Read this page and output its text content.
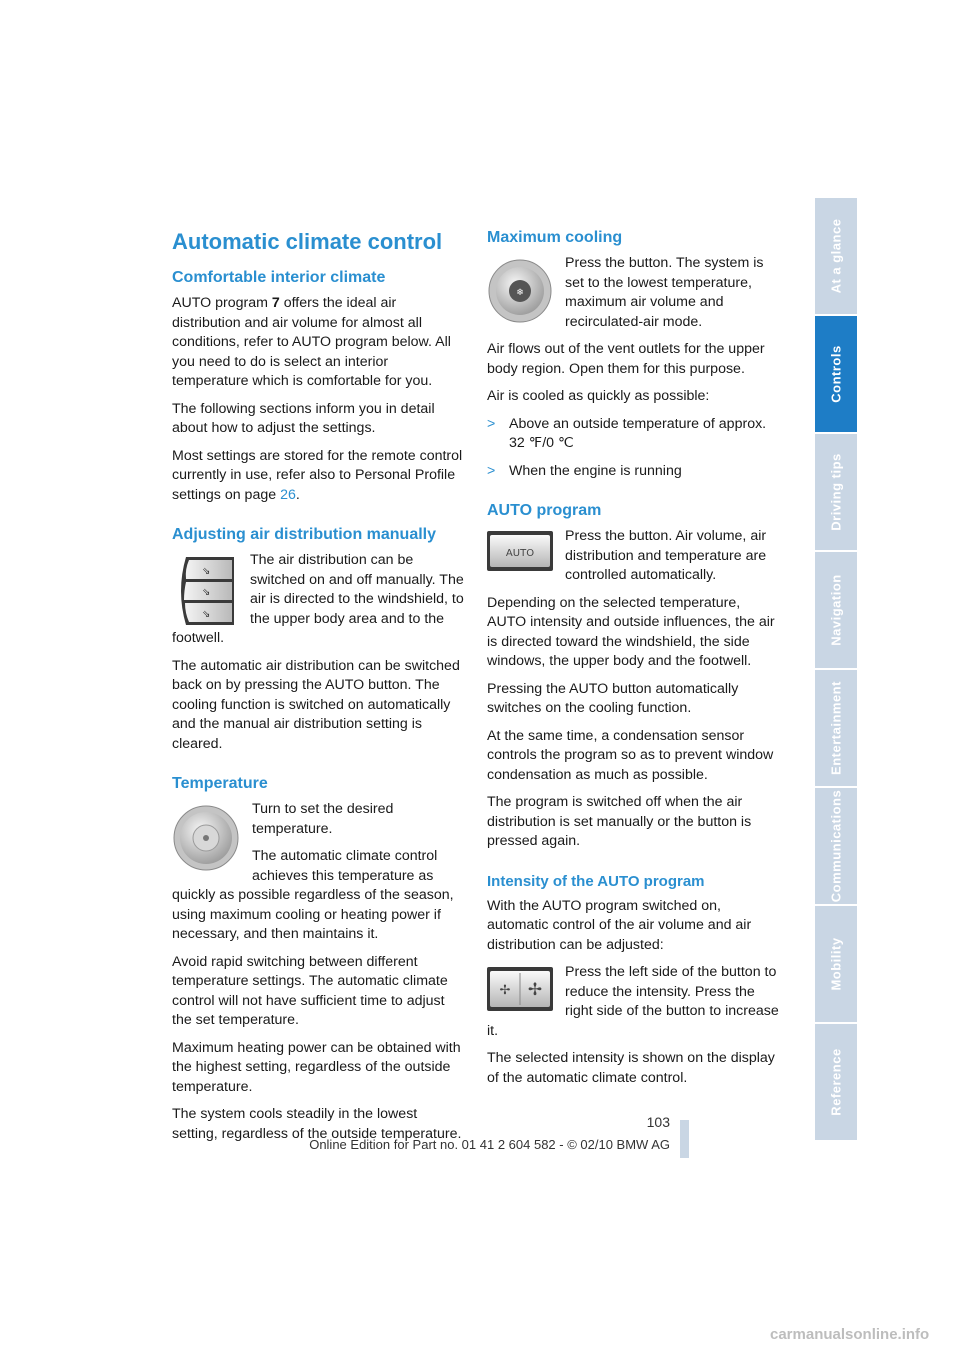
Automatic climate control
Comfortable interior climate

AUTO program 7 offers the ideal air distribution and air volume for almost all conditions, refer to AUTO program below. All you need to do is select an interior temperature which is comfortable for you.

The following sections inform you in detail about how to adjust the settings.

Most settings are stored for the remote control currently in use, refer also to Personal Profile settings on page 26.

Adjusting air distribution manually
⇘
⇘
⇘

The air distribution can be switched on and off manually. The air is directed to the windshield, to the upper body area and to the footwell.

The automatic air distribution can be switched back on by pressing the AUTO button. The cooling function is switched on automatically and the manual air distribution setting is cleared.

Temperature

Turn to set the desired temperature.

The automatic climate control achieves this temperature as quickly as possible regardless of the season, using maximum cooling or heating power if necessary, and then maintains it.

Avoid rapid switching between different temperature settings. The automatic climate control will not have sufficient time to adjust the set temperature.

Maximum heating power can be obtained with the highest setting, regardless of the outside temperature.

The system cools steadily in the lowest setting, regardless of the outside temperature.

Maximum cooling
❄

Press the button. The system is set to the lowest temperature, maximum air volume and recirculated-air mode.

Air flows out of the vent outlets for the upper body region. Open them for this purpose.

Air is cooled as quickly as possible:

> Above an outside temperature of approx. 32 ℉/0 ℃
> When the engine is running
AUTO program
AUTO

Press the button. Air volume, air distribution and temperature are controlled automatically.

Depending on the selected temperature, AUTO intensity and outside influences, the air is directed toward the windshield, the side windows, the upper body and the footwell.

Pressing the AUTO button automatically switches on the cooling function.

At the same time, a condensation sensor controls the program so as to prevent window condensation as much as possible.

The program is switched off when the air distribution is set manually or the button is pressed again.

Intensity of the AUTO program

With the AUTO program switched on, automatic control of the air volume and air distribution can be adjusted:

✢ ✢

Press the left side of the button to reduce the intensity. Press the right side of the button to increase it.

The selected intensity is shown on the display of the automatic climate control.

At a glance
Controls
Driving tips
Navigation
Entertainment
Communications
Mobility
Reference
103
Online Edition for Part no. 01 41 2 604 582 - © 02/10 BMW AG
carmanualsonline.info
